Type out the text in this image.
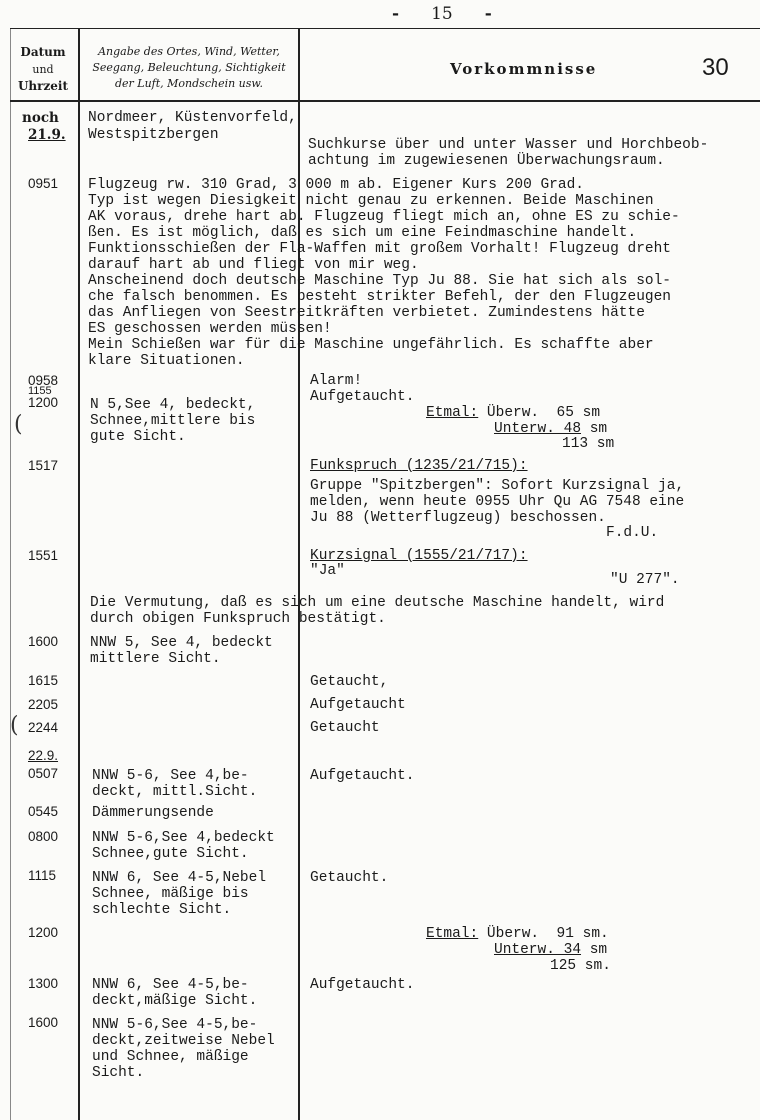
- 15 -
Datum
und
Uhrzeit
Angabe des Ortes, Wind, Wetter,
Seegang, Beleuchtung, Sichtigkeit
der Luft, Mondschein usw.
Vorkommnisse	30
noch
21.9.
0951
0958
1155
1200
1517
1551
1600
1615
2205
2244
22.9.
0507
0545
0800
1115
1200
1300
1600
(
(
Nordmeer, Küstenvorfeld,
Westspitzbergen
Suchkurse über und unter Wasser und Horchbeob-
achtung im zugewiesenen Überwachungsraum.
Flugzeug rw. 310 Grad, 3 000 m ab. Eigener Kurs 200 Grad.
Typ ist wegen Diesigkeit nicht genau zu erkennen. Beide Maschinen
AK voraus, drehe hart ab. Flugzeug fliegt mich an, ohne ES zu schie-
ßen. Es ist möglich, daß es sich um eine Feindmaschine handelt.
Funktionsschießen der Fla-Waffen mit großem Vorhalt! Flugzeug dreht
darauf hart ab und fliegt von mir weg.
Anscheinend doch deutsche Maschine Typ Ju 88. Sie hat sich als sol-
che falsch benommen. Es besteht strikter Befehl, der den Flugzeugen
das Anfliegen von Seestreitkräften verbietet. Zumindestens hätte
ES geschossen werden müssen!
Mein Schießen war für die Maschine ungefährlich. Es schaffte aber
klare Situationen.
Alarm!
Aufgetaucht.
N 5,See 4, bedeckt,
Schnee,mittlere bis
gute Sicht.
Etmal: Überw.  65 sm
Unterw. 48 sm
113 sm
Funkspruch (1235/21/715):
Gruppe "Spitzbergen": Sofort Kurzsignal ja,
melden, wenn heute 0955 Uhr Qu AG 7548 eine
Ju 88 (Wetterflugzeug) beschossen.
F.d.U.
Kurzsignal (1555/21/717):
"Ja"
"U 277".
Die Vermutung, daß es sich um eine deutsche Maschine handelt, wird
durch obigen Funkspruch bestätigt.
NNW 5, See 4, bedeckt
mittlere Sicht.
Getaucht,
Aufgetaucht
Getaucht
NNW 5-6, See 4,be-
deckt, mittl.Sicht.
Aufgetaucht.
Dämmerungsende
NNW 5-6,See 4,bedeckt
Schnee,gute Sicht.
NNW 6, See 4-5,Nebel
Schnee, mäßige bis
schlechte Sicht.
Getaucht.
Etmal: Überw.  91 sm.
Unterw. 34 sm
125 sm.
NNW 6, See 4-5,be-
deckt,mäßige Sicht.
Aufgetaucht.
NNW 5-6,See 4-5,be-
deckt,zeitweise Nebel
und Schnee, mäßige
Sicht.
